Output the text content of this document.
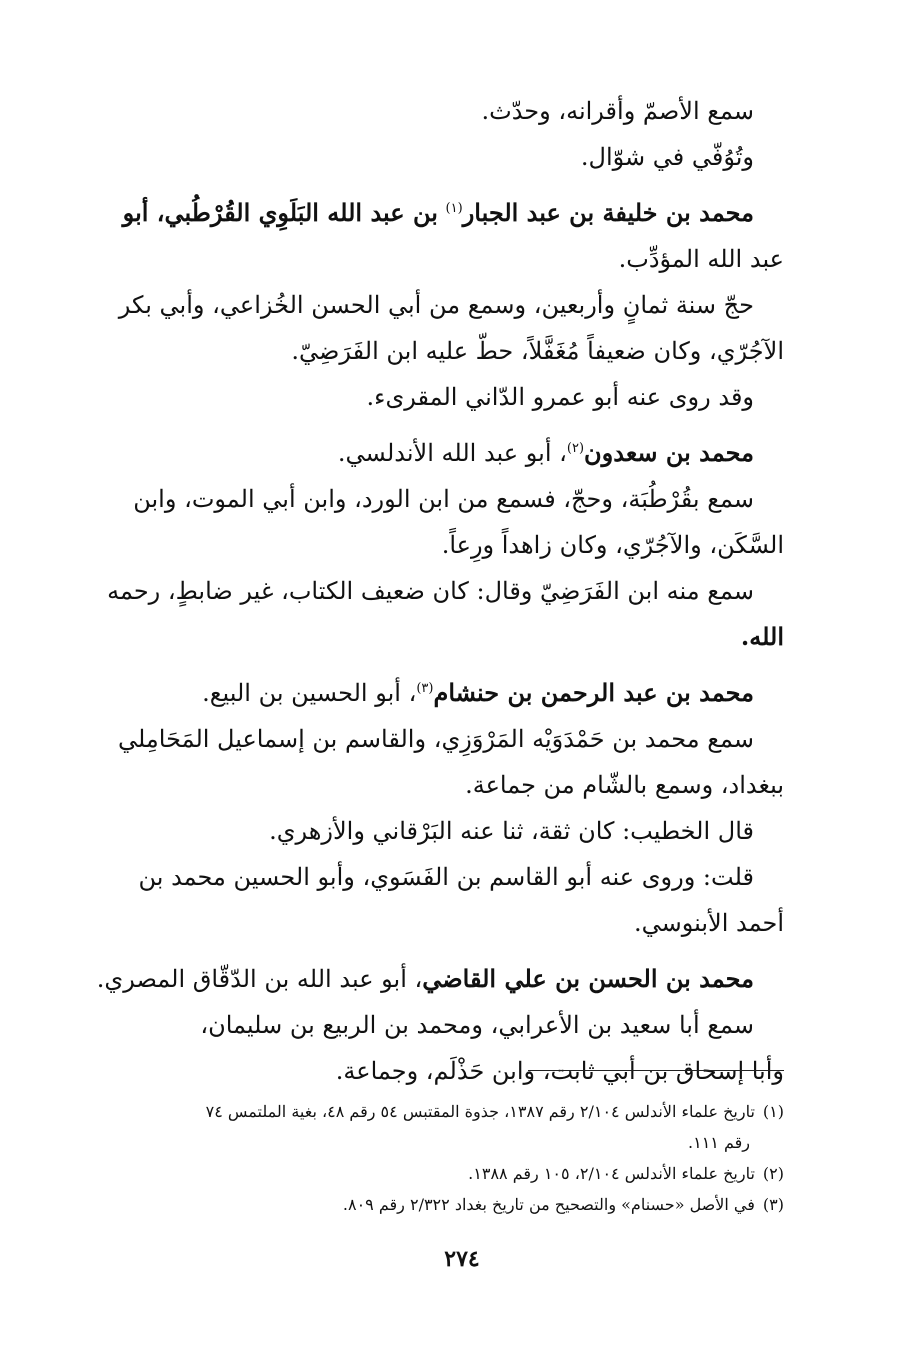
سمع الأصمّ وأقرانه، وحدّث.

وتُوُفّي في شوّال.

محمد بن خليفة بن عبد الجبار$^{(١)}$ بن عبد الله البَلَوِي القُرْطُبي، أبو

عبد الله المؤدِّب.

حجّ سنة ثمانٍ وأربعين، وسمع من أبي الحسن الخُزاعي، وأبي بكر

الآجُرّي، وكان ضعيفاً مُغَفَّلاً، حطّ عليه ابن الفَرَضِيّ.

وقد روى عنه أبو عمرو الدّاني المقرىء.

محمد بن سعدون$^{(٢)}$، أبو عبد الله الأندلسي.

سمع بقُرْطُبَة، وحجّ، فسمع من ابن الورد، وابن أبي الموت، وابن

السَّكَن، والآجُرّي، وكان زاهداً ورِعاً.

سمع منه ابن الفَرَضِيّ وقال: كان ضعيف الكتاب، غير ضابطٍ، رحمه

الله.

محمد بن عبد الرحمن بن حنشام$^{(٣)}$، أبو الحسين بن البيع.

سمع محمد بن حَمْدَوَيْه المَرْوَزِي، والقاسم بن إسماعيل المَحَامِلي

ببغداد، وسمع بالشّام من جماعة.

قال الخطيب: كان ثقة، ثنا عنه البَرْقاني والأزهري.

قلت: وروى عنه أبو القاسم بن الفَسَوي، وأبو الحسين محمد بن

أحمد الأبنوسي.

محمد بن الحسن بن علي القاضي، أبو عبد الله بن الدّقّاق المصري.

سمع أبا سعيد بن الأعرابي، ومحمد بن الربيع بن سليمان،

وأبا إسحاق بن أبي ثابت، وابن حَذْلَم، وجماعة.

(١)تاريخ علماء الأندلس ٢/١٠٤ رقم ١٣٨٧، جذوة المقتبس ٥٤ رقم ٤٨، بغية الملتمس ٧٤

رقم ١١١.

(٢)تاريخ علماء الأندلس ٢/١٠٤، ١٠٥ رقم ١٣٨٨.

(٣)في الأصل «حسنام» والتصحيح من تاريخ بغداد ٢/٣٢٢ رقم ٨٠٩.

٢٧٤
